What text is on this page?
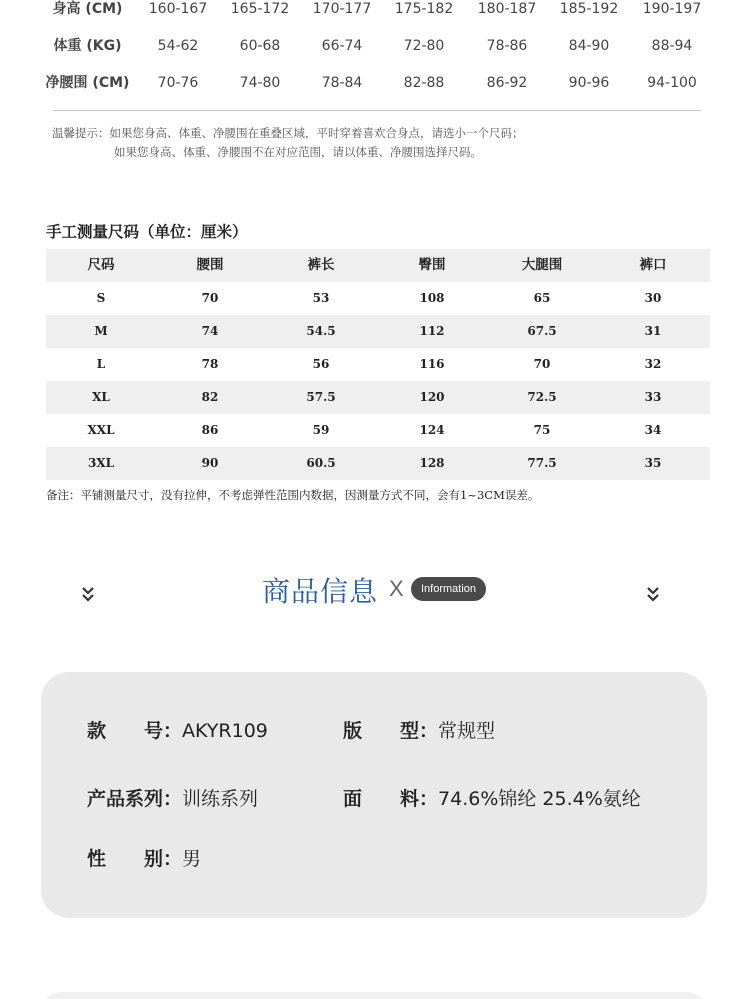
身高 (CM)	160-167	165-172	170-177	175-182	180-187	185-192	190-197
体重 (KG)	54-62	60-68	66-74	72-80	78-86	84-90	88-94
净腰围 (CM)	70-76	74-80	78-84	82-88	86-92	90-96	94-100
温馨提示：如果您身高、体重、净腰围在重叠区域，平时穿着喜欢合身点，请选小一个尺码；
如果您身高、体重、净腰围不在对应范围，请以体重、净腰围选择尺码。
手工测量尺码（单位：厘米）
尺码	腰围	裤长	臀围	大腿围	裤口
S	70	53	108	65	30
M	74	54.5	112	67.5	31
L	78	56	116	70	32
XL	82	57.5	120	72.5	33
XXL	86	59	124	75	34
3XL	90	60.5	128	77.5	35
备注：平铺测量尺寸，没有拉伸，不考虑弹性范围内数据，因测量方式不同，会有1~3CM误差。
商品信息 X	Information
款　　号：AKYR109	版　　型：常规型
产品系列：训练系列	面　　料：74.6%锦纶 25.4%氨纶
性　　别：男
